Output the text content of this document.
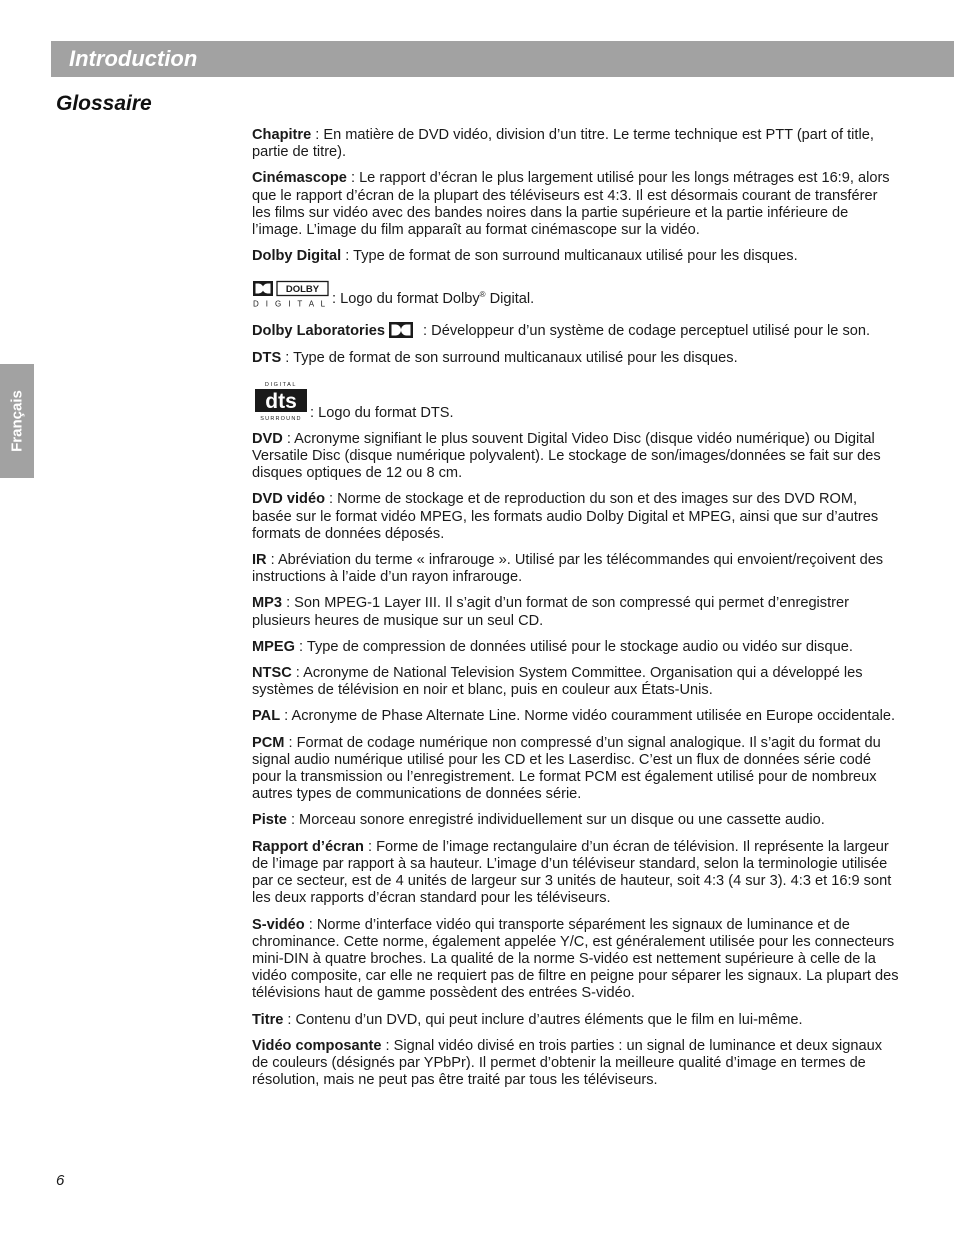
Introduction
Glossaire
Français

Chapitre : En matière de DVD vidéo, division d’un titre. Le terme technique est PTT (part of title, partie de titre).

Cinémascope : Le rapport d’écran le plus largement utilisé pour les longs métrages est 16:9, alors que le rapport d’écran de la plupart des téléviseurs est 4:3. Il est désormais courant de transférer les films sur vidéo avec des bandes noires dans la partie supérieure et la partie inférieure de l’image. L’image du film apparaît au format cinémascope sur la vidéo.

Dolby Digital : Type de format de son surround multicanaux utilisé pour les disques.

DOLBY
D I G I T A L : Logo du format Dolby® Digital.

Dolby Laboratories : Développeur d’un système de codage perceptuel utilisé pour le son.

DTS : Type de format de son surround multicanaux utilisé pour les disques.

DIGITAL
dts
SURROUND : Logo du format DTS.

DVD : Acronyme signifiant le plus souvent Digital Video Disc (disque vidéo numérique) ou Digital Versatile Disc (disque numérique polyvalent). Le stockage de son/images/données se fait sur des disques optiques de 12 ou 8 cm.

DVD vidéo : Norme de stockage et de reproduction du son et des images sur des DVD ROM, basée sur le format vidéo MPEG, les formats audio Dolby Digital et MPEG, ainsi que sur d’autres formats de données déposés.

IR : Abréviation du terme « infrarouge ». Utilisé par les télécommandes qui envoient/reçoivent des instructions à l’aide d’un rayon infrarouge.

MP3 : Son MPEG-1 Layer III. Il s’agit d’un format de son compressé qui permet d’enregistrer plusieurs heures de musique sur un seul CD.

MPEG : Type de compression de données utilisé pour le stockage audio ou vidéo sur disque.

NTSC : Acronyme de National Television System Committee. Organisation qui a développé les systèmes de télévision en noir et blanc, puis en couleur aux États-Unis.

PAL : Acronyme de Phase Alternate Line. Norme vidéo couramment utilisée en Europe occidentale.

PCM : Format de codage numérique non compressé d’un signal analogique. Il s’agit du format du signal audio numérique utilisé pour les CD et les Laserdisc. C’est un flux de données série codé pour la transmission ou l’enregistrement. Le format PCM est également utilisé pour de nombreux autres types de communications de données série.

Piste : Morceau sonore enregistré individuellement sur un disque ou une cassette audio.

Rapport d’écran : Forme de l’image rectangulaire d’un écran de télévision. Il représente la largeur de l’image par rapport à sa hauteur. L’image d’un téléviseur standard, selon la terminologie utilisée par ce secteur, est de 4 unités de largeur sur 3 unités de hauteur, soit 4:3 (4 sur 3). 4:3 et 16:9 sont les deux rapports d’écran standard pour les téléviseurs.

S-vidéo : Norme d’interface vidéo qui transporte séparément les signaux de luminance et de chrominance. Cette norme, également appelée Y/C, est généralement utilisée pour les connecteurs mini-DIN à quatre broches. La qualité de la norme S-vidéo est nettement supérieure à celle de la vidéo composite, car elle ne requiert pas de filtre en peigne pour séparer les signaux. La plupart des télévisions haut de gamme possèdent des entrées S-vidéo.

Titre : Contenu d’un DVD, qui peut inclure d’autres éléments que le film en lui-même.

Vidéo composante : Signal vidéo divisé en trois parties : un signal de luminance et deux signaux de couleurs (désignés par YPbPr). Il permet d’obtenir la meilleure qualité d’image en termes de résolution, mais ne peut pas être traité par tous les téléviseurs.

6
